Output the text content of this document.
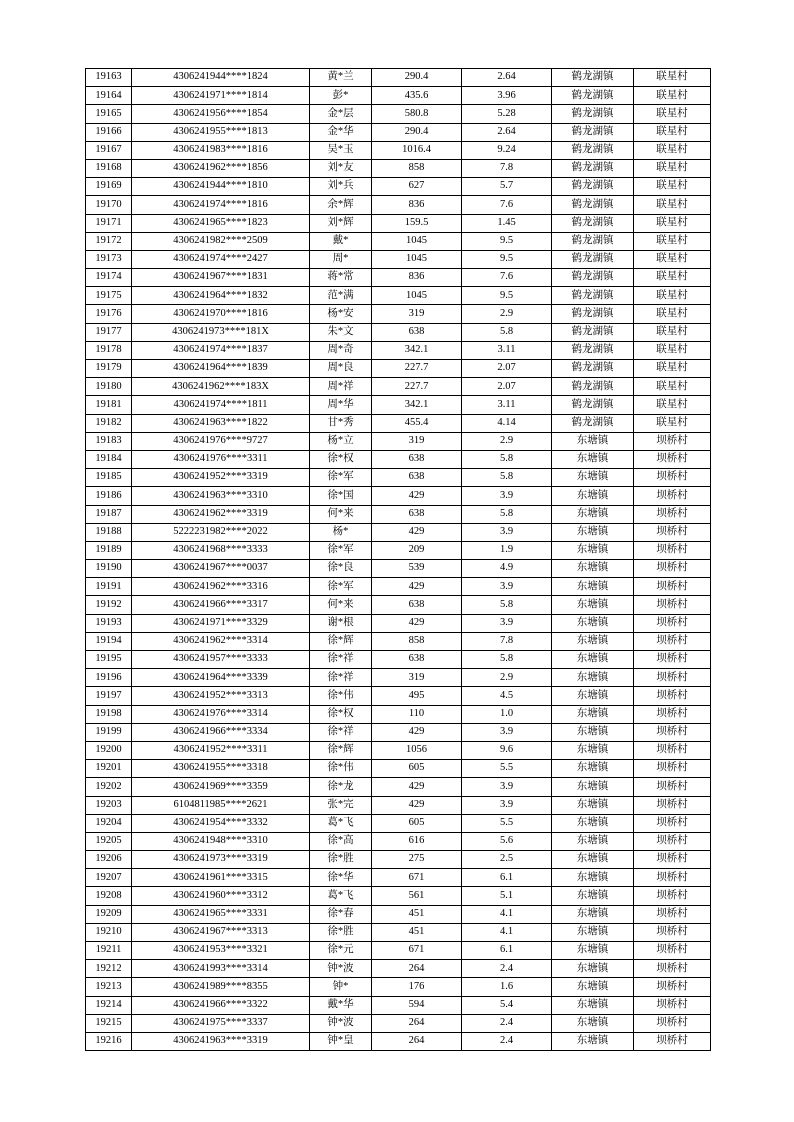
19163	4306241944****1824	黄*兰	290.4	2.64	鹤龙湖镇	联星村
19164	4306241971****1814	彭*	435.6	3.96	鹤龙湖镇	联星村
19165	4306241956****1854	金*层	580.8	5.28	鹤龙湖镇	联星村
19166	4306241955****1813	金*华	290.4	2.64	鹤龙湖镇	联星村
19167	4306241983****1816	吴*玉	1016.4	9.24	鹤龙湖镇	联星村
19168	4306241962****1856	刘*友	858	7.8	鹤龙湖镇	联星村
19169	4306241944****1810	刘*兵	627	5.7	鹤龙湖镇	联星村
19170	4306241974****1816	余*辉	836	7.6	鹤龙湖镇	联星村
19171	4306241965****1823	刘*辉	159.5	1.45	鹤龙湖镇	联星村
19172	4306241982****2509	戴*	1045	9.5	鹤龙湖镇	联星村
19173	4306241974****2427	周*	1045	9.5	鹤龙湖镇	联星村
19174	4306241967****1831	蒋*常	836	7.6	鹤龙湖镇	联星村
19175	4306241964****1832	范*满	1045	9.5	鹤龙湖镇	联星村
19176	4306241970****1816	杨*安	319	2.9	鹤龙湖镇	联星村
19177	4306241973****181X	朱*文	638	5.8	鹤龙湖镇	联星村
19178	4306241974****1837	周*奇	342.1	3.11	鹤龙湖镇	联星村
19179	4306241964****1839	周*良	227.7	2.07	鹤龙湖镇	联星村
19180	4306241962****183X	周*祥	227.7	2.07	鹤龙湖镇	联星村
19181	4306241974****1811	周*华	342.1	3.11	鹤龙湖镇	联星村
19182	4306241963****1822	甘*秀	455.4	4.14	鹤龙湖镇	联星村
19183	4306241976****9727	杨*立	319	2.9	东塘镇	坝桥村
19184	4306241976****3311	徐*权	638	5.8	东塘镇	坝桥村
19185	4306241952****3319	徐*军	638	5.8	东塘镇	坝桥村
19186	4306241963****3310	徐*国	429	3.9	东塘镇	坝桥村
19187	4306241962****3319	何*来	638	5.8	东塘镇	坝桥村
19188	5222231982****2022	杨*	429	3.9	东塘镇	坝桥村
19189	4306241968****3333	徐*军	209	1.9	东塘镇	坝桥村
19190	4306241967****0037	徐*良	539	4.9	东塘镇	坝桥村
19191	4306241962****3316	徐*军	429	3.9	东塘镇	坝桥村
19192	4306241966****3317	何*来	638	5.8	东塘镇	坝桥村
19193	4306241971****3329	谢*根	429	3.9	东塘镇	坝桥村
19194	4306241962****3314	徐*辉	858	7.8	东塘镇	坝桥村
19195	4306241957****3333	徐*祥	638	5.8	东塘镇	坝桥村
19196	4306241964****3339	徐*祥	319	2.9	东塘镇	坝桥村
19197	4306241952****3313	徐*伟	495	4.5	东塘镇	坝桥村
19198	4306241976****3314	徐*权	110	1.0	东塘镇	坝桥村
19199	4306241966****3334	徐*祥	429	3.9	东塘镇	坝桥村
19200	4306241952****3311	徐*辉	1056	9.6	东塘镇	坝桥村
19201	4306241955****3318	徐*伟	605	5.5	东塘镇	坝桥村
19202	4306241969****3359	徐*龙	429	3.9	东塘镇	坝桥村
19203	6104811985****2621	张*完	429	3.9	东塘镇	坝桥村
19204	4306241954****3332	葛*飞	605	5.5	东塘镇	坝桥村
19205	4306241948****3310	徐*高	616	5.6	东塘镇	坝桥村
19206	4306241973****3319	徐*胜	275	2.5	东塘镇	坝桥村
19207	4306241961****3315	徐*华	671	6.1	东塘镇	坝桥村
19208	4306241960****3312	葛*飞	561	5.1	东塘镇	坝桥村
19209	4306241965****3331	徐*春	451	4.1	东塘镇	坝桥村
19210	4306241967****3313	徐*胜	451	4.1	东塘镇	坝桥村
19211	4306241953****3321	徐*元	671	6.1	东塘镇	坝桥村
19212	4306241993****3314	钟*波	264	2.4	东塘镇	坝桥村
19213	4306241989****8355	钟*	176	1.6	东塘镇	坝桥村
19214	4306241966****3322	戴*华	594	5.4	东塘镇	坝桥村
19215	4306241975****3337	钟*波	264	2.4	东塘镇	坝桥村
19216	4306241963****3319	钟*皇	264	2.4	东塘镇	坝桥村
